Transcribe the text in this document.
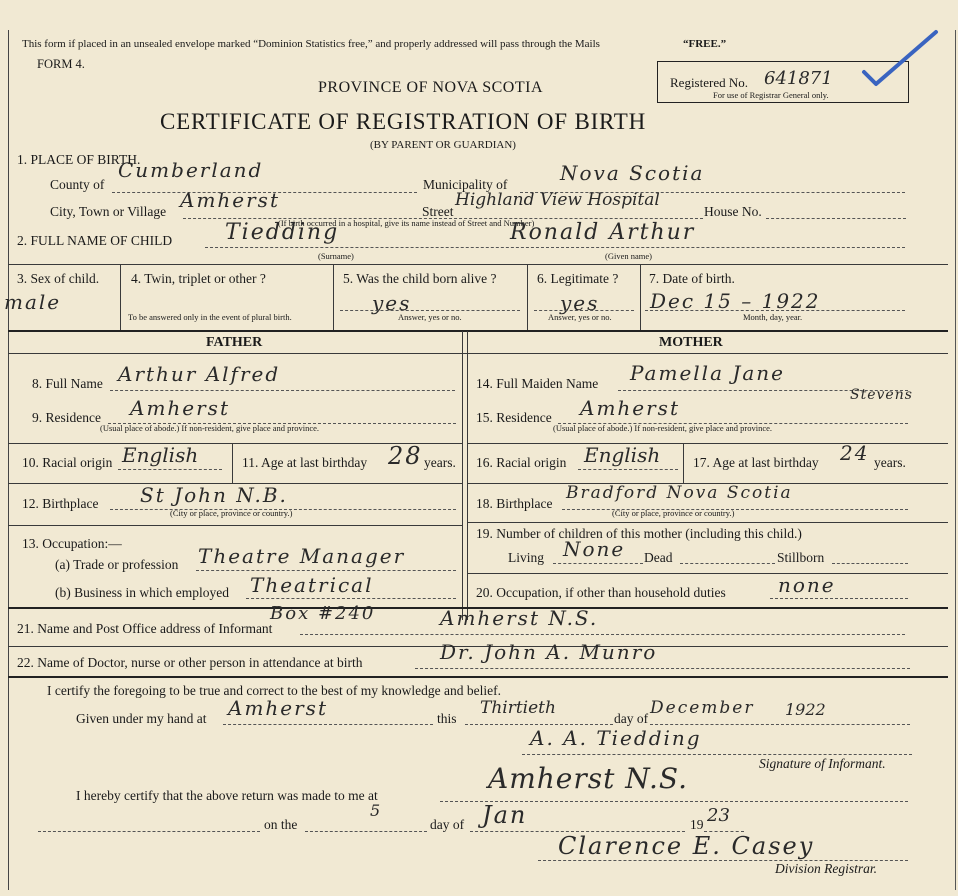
This form if placed in an unsealed envelope marked “Dominion Statistics free,” and properly addressed will pass through the Mails	“FREE.”
FORM 4.
PROVINCE OF NOVA SCOTIA
CERTIFICATE OF REGISTRATION OF BIRTH
(BY PARENT OR GUARDIAN)
Registered No. 641871
For use of Registrar General only.
1. PLACE OF BIRTH.
County of
Cumberland
Municipality of	Nova Scotia
City, Town or Village Amherst	Street
Highland View Hospital
House No.
(If birth occurred in a hospital, give its name instead of Street and Number)
2. FULL NAME OF CHILD Tiedding	Ronald Arthur
(Surname)	(Given name)
3. Sex of child.
male
4. Twin, triplet or other ?
To be answered only in the event of plural birth.
5. Was the child born alive ?
yes
Answer, yes or no.
6. Legitimate ?
yes
Answer, yes or no.
7. Date of birth.
Dec 15 – 1922
Month, day, year.
FATHER	MOTHER
8. Full Name Arthur Alfred
9. Residence Amherst
(Usual place of abode.) If non-resident, give place and province.
10. Racial origin English	11. Age at last birthday 28 years.
12. Birthplace St John N.B.
(City or place, province or country.)
13. Occupation:—
(a) Trade or profession Theatre Manager
(b) Business in which employed Theatrical
14. Full Maiden Name Pamella Jane
Stevens
15. Residence Amherst
(Usual place of abode.) If non-resident, give place and province.
16. Racial origin English 17. Age at last birthday 24 years.
18. Birthplace
Bradford Nova Scotia
(City or place, province or country.)
19. Number of children of this mother (including this child.)
Living None Dead	Stillborn
20. Occupation, if other than household duties	none
21. Name and Post Office address of Informant
Box #240	Amherst N.S.
22. Name of Doctor, nurse or other person in attendance at birth	Dr. John A. Munro
I certify the foregoing to be true and correct to the best of my knowledge and belief.
Given under my hand at Amherst	this
Thirtieth
day of
December 1922
A. A. Tiedding
Signature of Informant.
I hereby certify that the above return was made to me at
Amherst N.S.
on the
5
day of Jan	19 23
Clarence E. Casey
Division Registrar.
